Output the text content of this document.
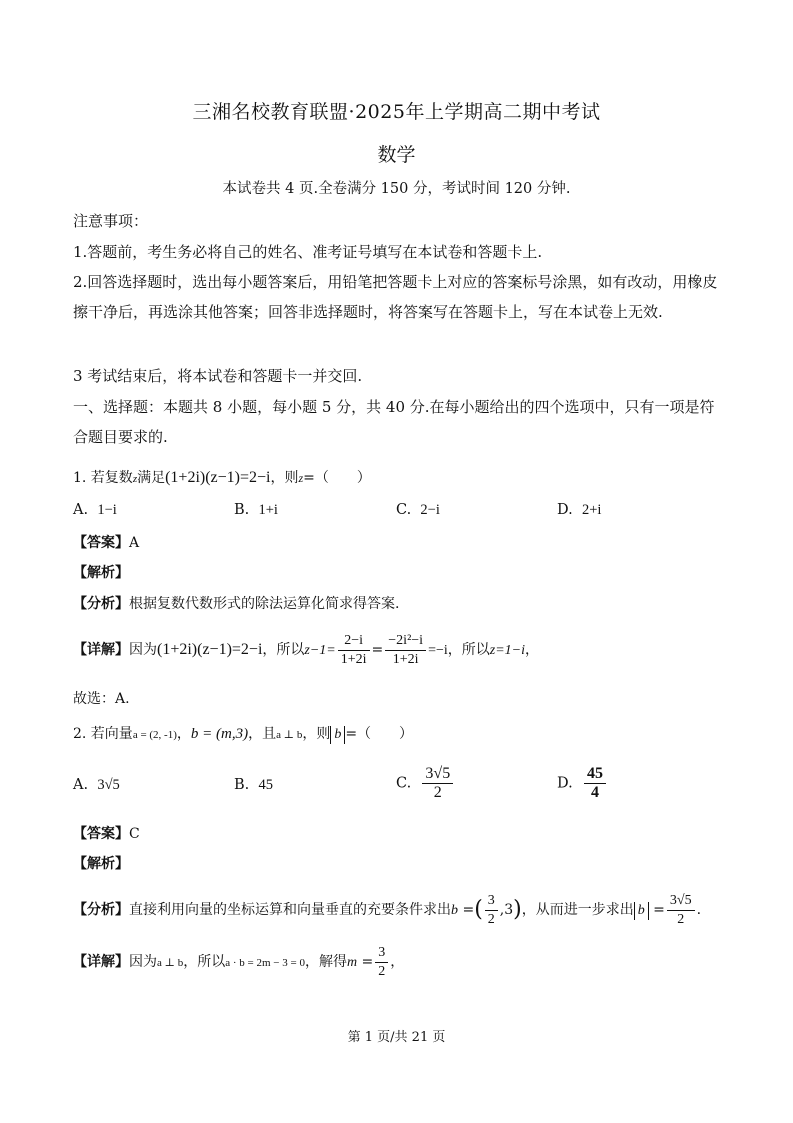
三湘名校教育联盟·2025年上学期高二期中考试
数学
本试卷共 4 页.全卷满分 150 分，考试时间 120 分钟.
注意事项：
1.答题前，考生务必将自己的姓名、准考证号填写在本试卷和答题卡上.
2.回答选择题时，选出每小题答案后，用铅笔把答题卡上对应的答案标号涂黑，如有改动，用橡皮擦干净后，再选涂其他答案；回答非选择题时，将答案写在答题卡上，写在本试卷上无效.
3 考试结束后，将本试卷和答题卡一并交回.
一、选择题：本题共 8 小题，每小题 5 分，共 40 分.在每小题给出的四个选项中，只有一项是符合题目要求的.
1. 若复数z满足(1+2i)(z−1)=2−i，则z=（　　）
A. 1−i	B. 1+i	C. 2−i	D. 2+i
【答案】A
【解析】
【分析】根据复数代数形式的除法运算化简求得答案.
【详解】因为(1+2i)(z−1)=2−i，所以$z-1= \frac{2-i}{1+2i} = \frac{\text{−2i²−i}}{1+2i} =-i$，所以z=1−i，
故选：A.
2. 若向量a = (2, -1)，b = (m,3)，且a ⊥ b，则 b =（　　）
A. 3√5	B. 45	C. $\frac{3√5}{2}$	D. $\frac{45}{4}$
【答案】C
【解析】
【分析】直接利用向量的坐标运算和向量垂直的充要条件求出b =( $\frac{3}{2} ,3$)，从而进一步求出 $b = \frac{3√5}{2}$ .
【详解】因为a ⊥ b，所以a · b = 2m − 3 = 0，解得$m = \frac{3}{2}$ ，
第 1 页/共 21 页
